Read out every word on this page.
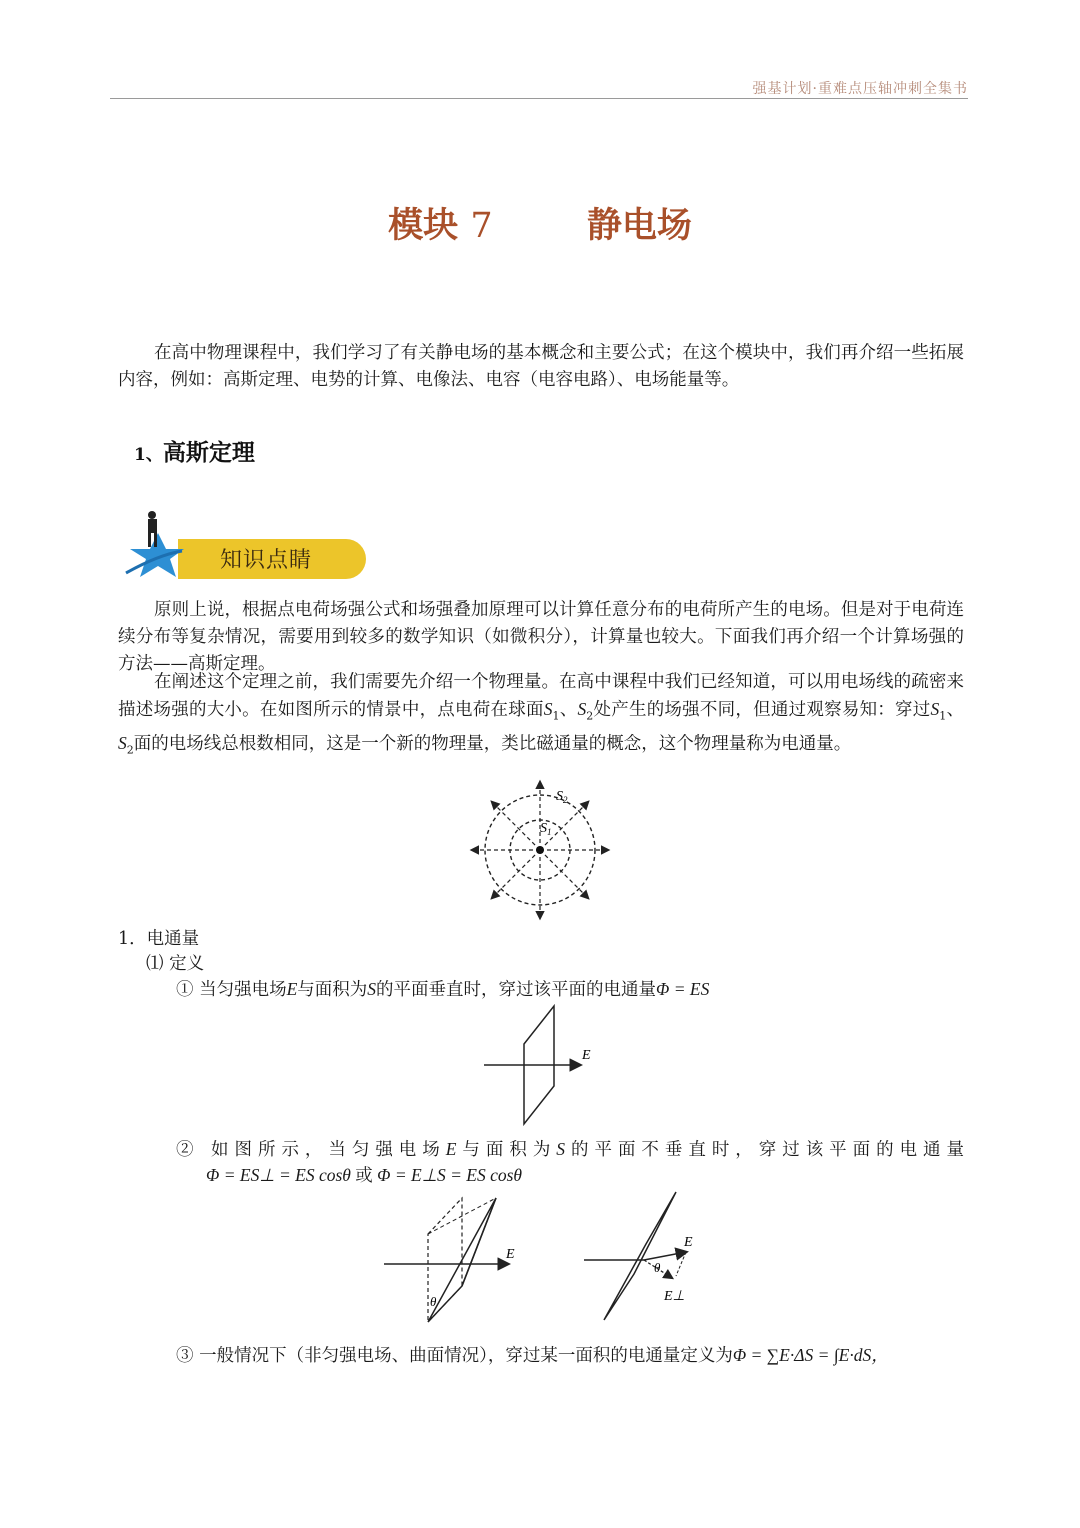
强基计划·重难点压轴冲刺全集书
模块 7	静电场

在高中物理课程中，我们学习了有关静电场的基本概念和主要公式；在这个模块中，我们再介绍一些拓展内容，例如：高斯定理、电势的计算、电像法、电容（电容电路）、电场能量等。

1、高斯定理
知识点睛

原则上说，根据点电荷场强公式和场强叠加原理可以计算任意分布的电荷所产生的电场。但是对于电荷连续分布等复杂情况，需要用到较多的数学知识（如微积分），计算量也较大。下面我们再介绍一个计算场强的方法——高斯定理。

在阐述这个定理之前，我们需要先介绍一个物理量。在高中课程中我们已经知道，可以用电场线的疏密来描述场强的大小。在如图所示的情景中，点电荷在球面$S_1$、$S_2$处产生的场强不同，但通过观察易知：穿过$S_1$、$S_2$面的电场线总根数相同，这是一个新的物理量，类比磁通量的概念，这个物理量称为电通量。

$S_2$
$S_1$
1．电通量
⑴ 定义
① 当匀强电场E与面积为S的平面垂直时，穿过该平面的电通量Φ = ES
E
② 如图所示，当匀强电场E与面积为S的平面不垂直时，穿过该平面的电通量
Φ = ES⊥ = ES cosθ 或 Φ = E⊥S = ES cosθ
θ
E
θ
E
E⊥
③ 一般情况下（非匀强电场、曲面情况），穿过某一面积的电通量定义为Φ = ∑E·ΔS = ∫E·dS，
